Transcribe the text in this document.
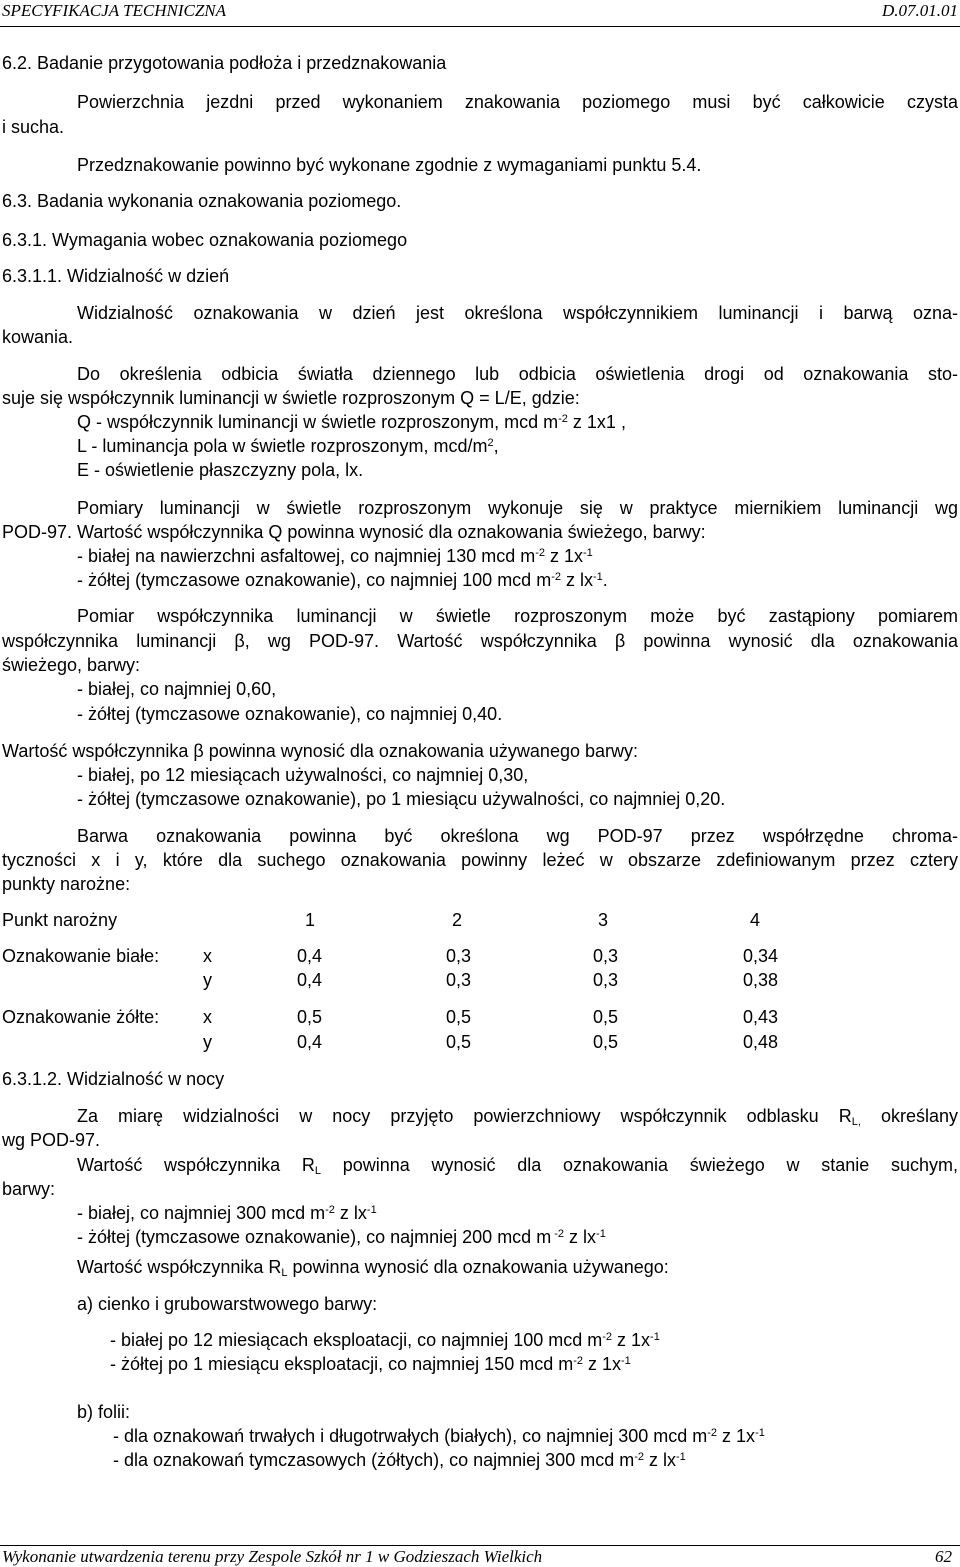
SPECYFIKACJA TECHNICZNA	D.07.01.01
6.2. Badanie przygotowania podłoża i przedznakowania
Powierzchnia jezdni przed wykonaniem znakowania poziomego musi być całkowicie czysta
i sucha.
Przedznakowanie powinno być wykonane zgodnie z wymaganiami punktu 5.4.
6.3. Badania wykonania oznakowania poziomego.
6.3.1. Wymagania wobec oznakowania poziomego
6.3.1.1. Widzialność w dzień
Widzialność oznakowania w dzień jest określona współczynnikiem luminancji i barwą ozna-
kowania.
Do określenia odbicia światła dziennego lub odbicia oświetlenia drogi od oznakowania sto-
suje się współczynnik luminancji w świetle rozproszonym Q = L/E, gdzie:
Q - współczynnik luminancji w świetle rozproszonym, mcd $m^{-2}$ z 1x1 ,
L - luminancja pola w świetle rozproszonym, mcd/$m^2$,
E - oświetlenie płaszczyzny pola, lx.
Pomiary luminancji w świetle rozproszonym wykonuje się w praktyce miernikiem luminancji wg
POD-97. Wartość współczynnika Q powinna wynosić dla oznakowania świeżego, barwy:
- białej na nawierzchni asfaltowej, co najmniej 130 mcd $m^{-2}$ z $1x^{-1}$
- żółtej (tymczasowe oznakowanie), co najmniej 100 mcd $m^{-2}$ z $lx^{-1}$.
Pomiar współczynnika luminancji w świetle rozproszonym może być zastąpiony pomiarem
współczynnika luminancji β, wg POD-97. Wartość współczynnika β powinna wynosić dla oznakowania
świeżego, barwy:
- białej, co najmniej 0,60,
- żółtej (tymczasowe oznakowanie), co najmniej 0,40.
Wartość współczynnika β powinna wynosić dla oznakowania używanego barwy:
- białej, po 12 miesiącach używalności, co najmniej 0,30,
- żółtej (tymczasowe oznakowanie), po 1 miesiącu używalności, co najmniej 0,20.
Barwa oznakowania powinna być określona wg POD-97 przez współrzędne chroma-
tyczności x i y, które dla suchego oznakowania powinny leżeć w obszarze zdefiniowanym przez cztery
punkty narożne:
Punkt narożny	1	2	3	4
Oznakowanie białe: x	0,4	0,3	0,3	0,34
y	0,4	0,3	0,3	0,38
Oznakowanie żółte: x	0,5	0,5	0,5	0,43
y	0,4	0,5	0,5	0,48
6.3.1.2. Widzialność w nocy
Za miarę widzialności w nocy przyjęto powierzchniowy współczynnik odblasku $R_{L,}$ określany
wg POD-97.
Wartość współczynnika $R_L$ powinna wynosić dla oznakowania świeżego w stanie suchym,
barwy:
- białej, co najmniej 300 mcd $m^{-2}$ z $lx^{-1}$
- żółtej (tymczasowe oznakowanie), co najmniej 200 mcd m $^{-2}$ z $lx^{-1}$
Wartość współczynnika $R_L$ powinna wynosić dla oznakowania używanego:
a) cienko i grubowarstwowego barwy:
- białej po 12 miesiącach eksploatacji, co najmniej 100 mcd $m^{-2}$ z $1x^{-1}$
- żółtej po 1 miesiącu eksploatacji, co najmniej 150 mcd $m^{-2}$ z $1x^{-1}$
b) folii:
- dla oznakowań trwałych i długotrwałych (białych), co najmniej 300 mcd $m^{-2}$ z $1x^{-1}$
- dla oznakowań tymczasowych (żółtych), co najmniej 300 mcd $m^{-2}$ z $lx^{-1}$
Wykonanie utwardzenia terenu przy Zespole Szkół nr 1 w Godzieszach Wielkich	62
